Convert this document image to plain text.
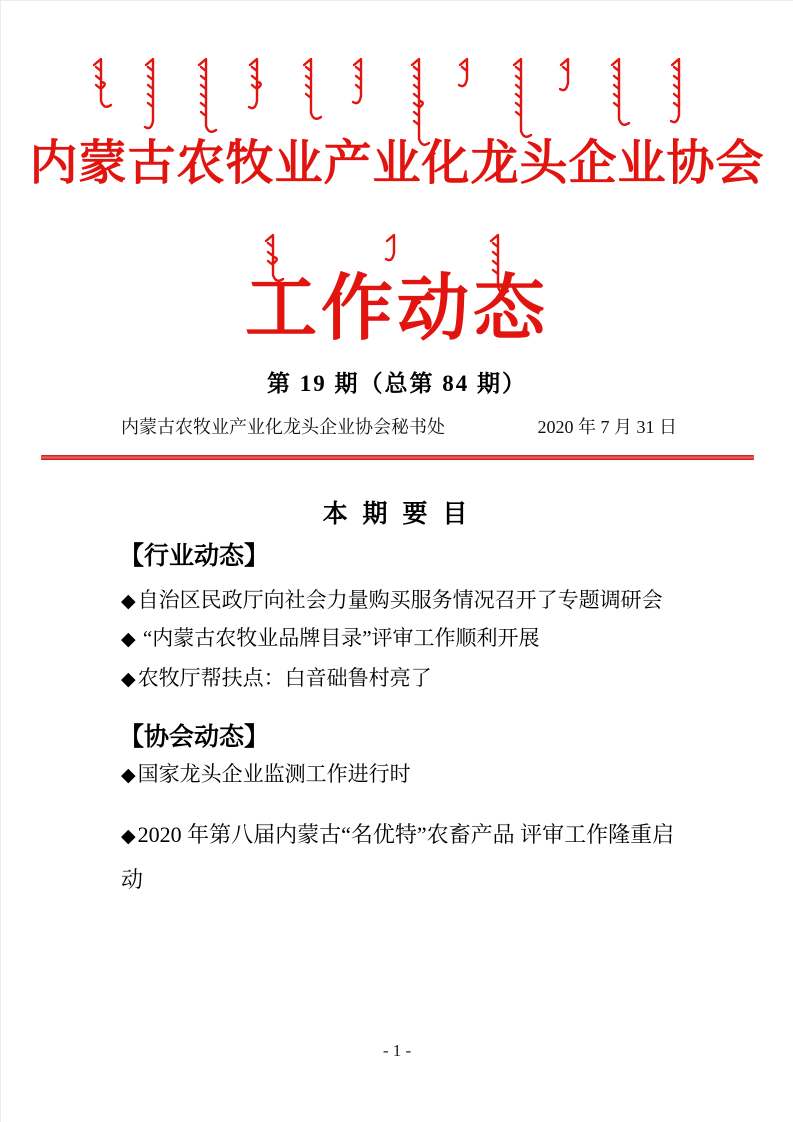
内蒙古农牧业产业化龙头企业协会
工作动态
第 19 期（总第 84 期）
内蒙古农牧业产业化龙头企业协会秘书处	2020 年 7 月 31 日
本 期 要 目
【行业动态】
◆自治区民政厅向社会力量购买服务情况召开了专题调研会
◆ “内蒙古农牧业品牌目录”评审工作顺利开展
◆农牧厅帮扶点：白音础鲁村亮了
【协会动态】
◆国家龙头企业监测工作进行时
◆2020 年第八届内蒙古“名优特”农畜产品 评审工作隆重启动
- 1 -
